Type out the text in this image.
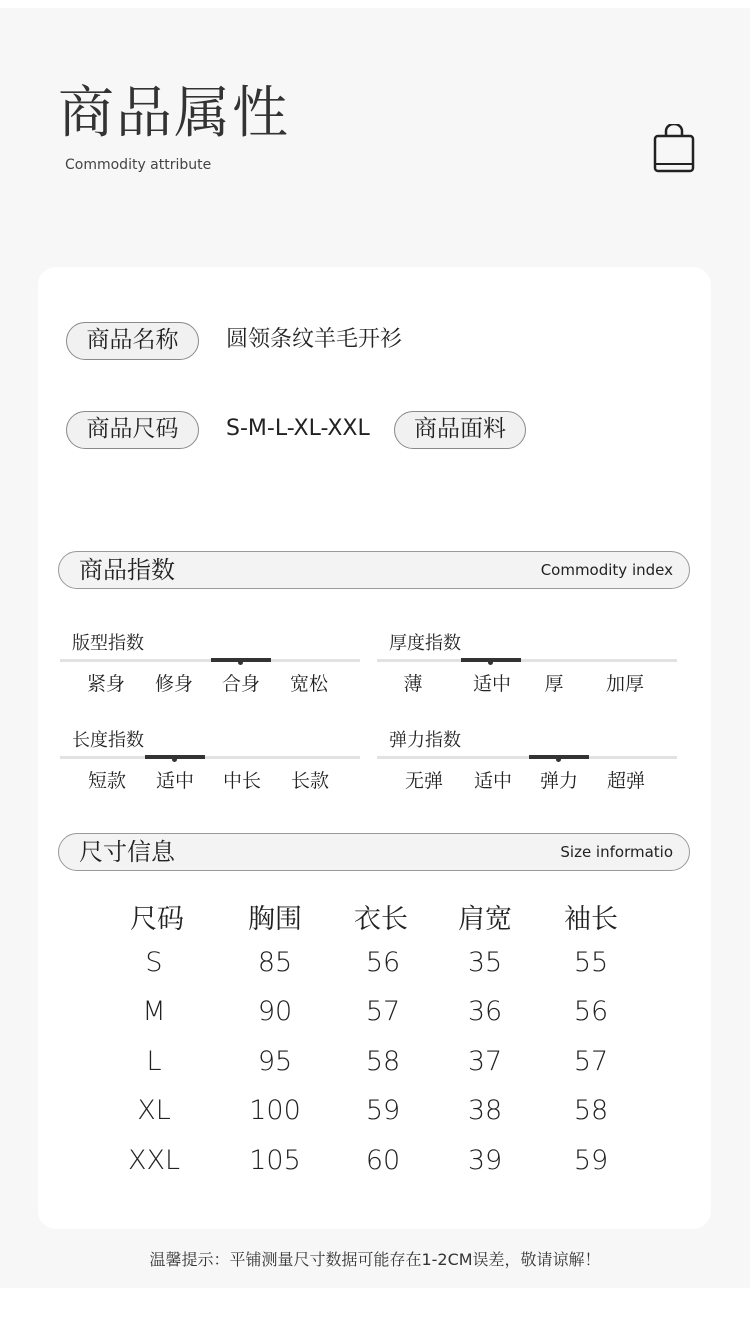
商品属性
Commodity attribute
商品名称	圆领条纹羊毛开衫
商品尺码	S-M-L-XL-XXL	商品面料
商品指数	Commodity index
版型指数
紧身	修身	合身	宽松
厚度指数
薄	适中	厚	加厚
长度指数
短款	适中	中长	长款
弹力指数
无弹	适中	弹力	超弹
尺寸信息	Size informatio
尺码	胸围	衣长	肩宽	袖长
S	85	56	35	55
M	90	57	36	56
L	95	58	37	57
XL	100	59	38	58
XXL	105	60	39	59
温馨提示：平铺测量尺寸数据可能存在1-2CM误差，敬请谅解！
